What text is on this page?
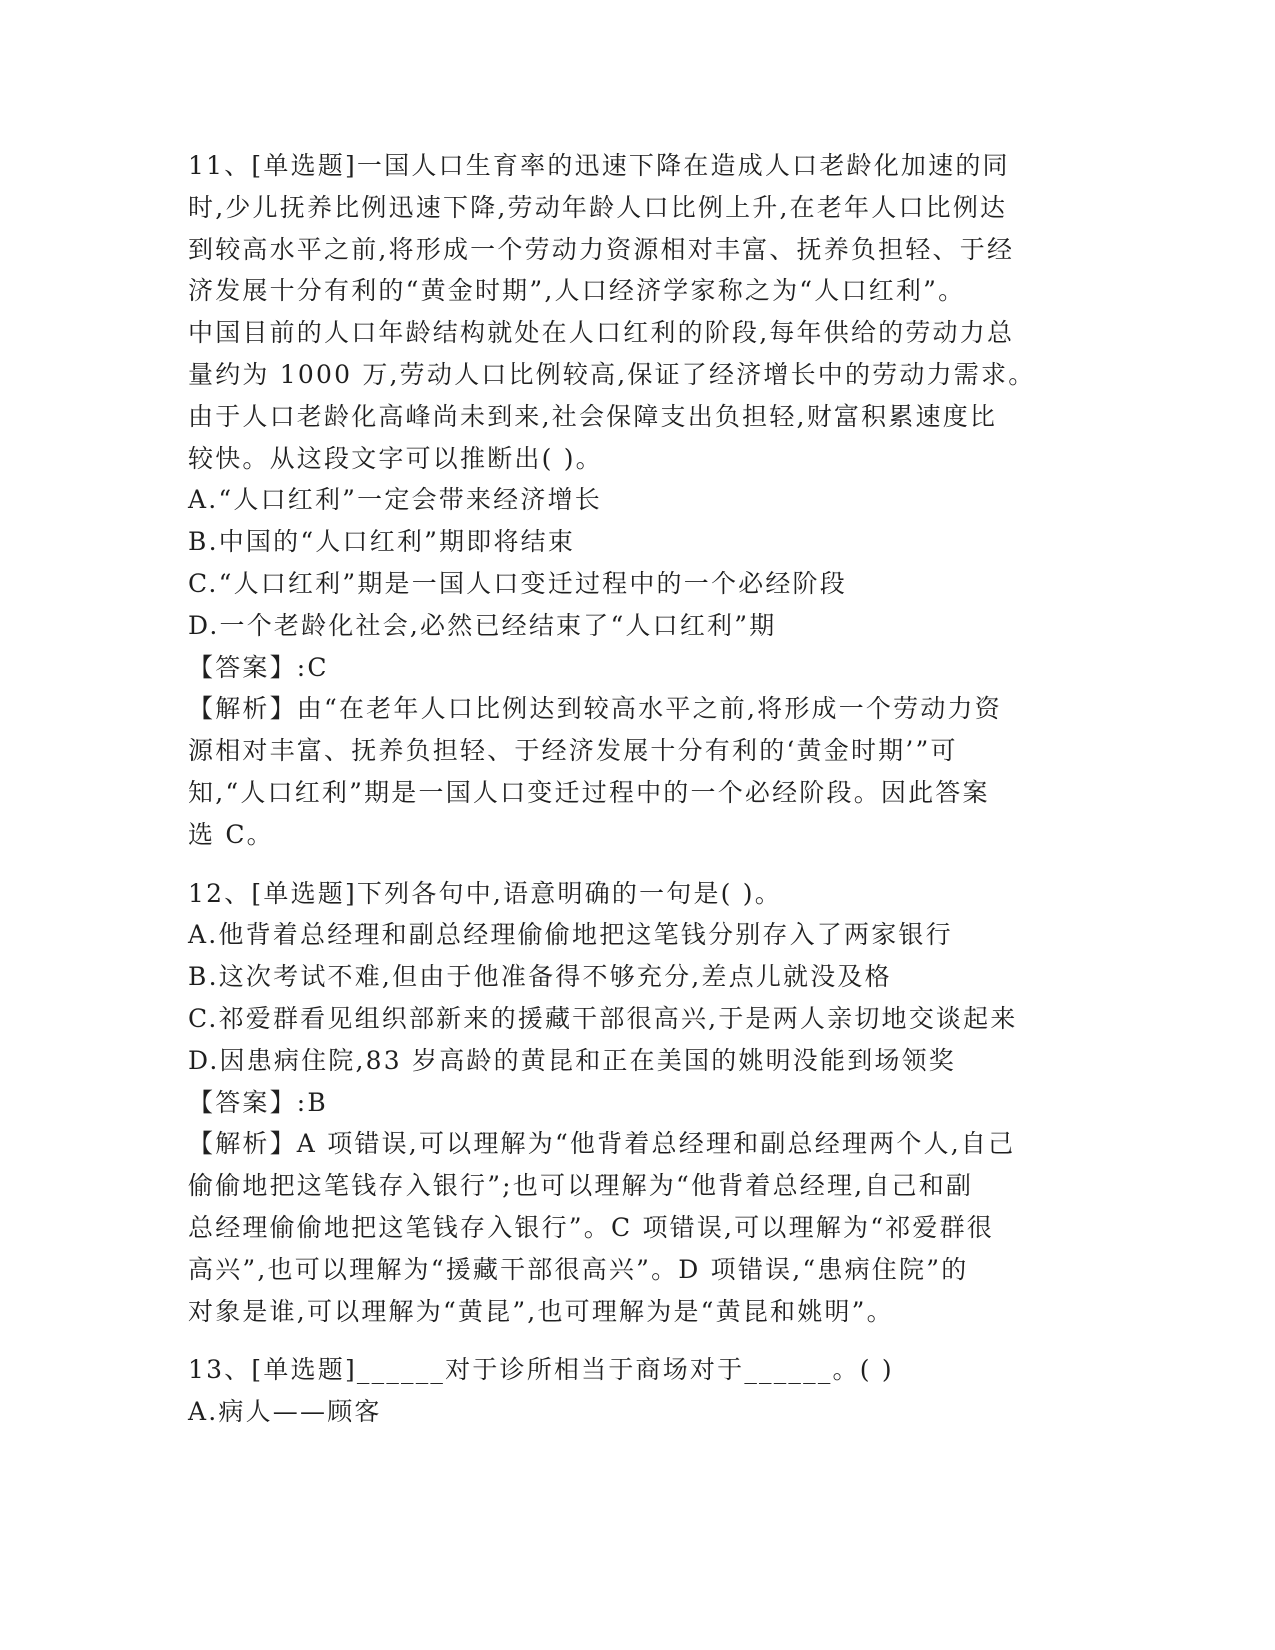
11、[单选题]一国人口生育率的迅速下降在造成人口老龄化加速的同
时,少儿抚养比例迅速下降,劳动年龄人口比例上升,在老年人口比例达
到较高水平之前,将形成一个劳动力资源相对丰富、抚养负担轻、于经
济发展十分有利的“黄金时期”,人口经济学家称之为“人口红利”。
中国目前的人口年龄结构就处在人口红利的阶段,每年供给的劳动力总
量约为 1000 万,劳动人口比例较高,保证了经济增长中的劳动力需求。
由于人口老龄化高峰尚未到来,社会保障支出负担轻,财富积累速度比
较快。从这段文字可以推断出( )。
A.“人口红利”一定会带来经济增长
B.中国的“人口红利”期即将结束
C.“人口红利”期是一国人口变迁过程中的一个必经阶段
D.一个老龄化社会,必然已经结束了“人口红利”期
【答案】:C
【解析】由“在老年人口比例达到较高水平之前,将形成一个劳动力资
源相对丰富、抚养负担轻、于经济发展十分有利的‘黄金时期’”可
知,“人口红利”期是一国人口变迁过程中的一个必经阶段。因此答案
选 C。
12、[单选题]下列各句中,语意明确的一句是( )。
A.他背着总经理和副总经理偷偷地把这笔钱分别存入了两家银行
B.这次考试不难,但由于他准备得不够充分,差点儿就没及格
C.祁爱群看见组织部新来的援藏干部很高兴,于是两人亲切地交谈起来
D.因患病住院,83 岁高龄的黄昆和正在美国的姚明没能到场领奖
【答案】:B
【解析】A 项错误,可以理解为“他背着总经理和副总经理两个人,自己
偷偷地把这笔钱存入银行”;也可以理解为“他背着总经理,自己和副
总经理偷偷地把这笔钱存入银行”。C 项错误,可以理解为“祁爱群很
高兴”,也可以理解为“援藏干部很高兴”。D 项错误,“患病住院”的
对象是谁,可以理解为“黄昆”,也可理解为是“黄昆和姚明”。
13、[单选题]______对于诊所相当于商场对于______。( )
A.病人——顾客
